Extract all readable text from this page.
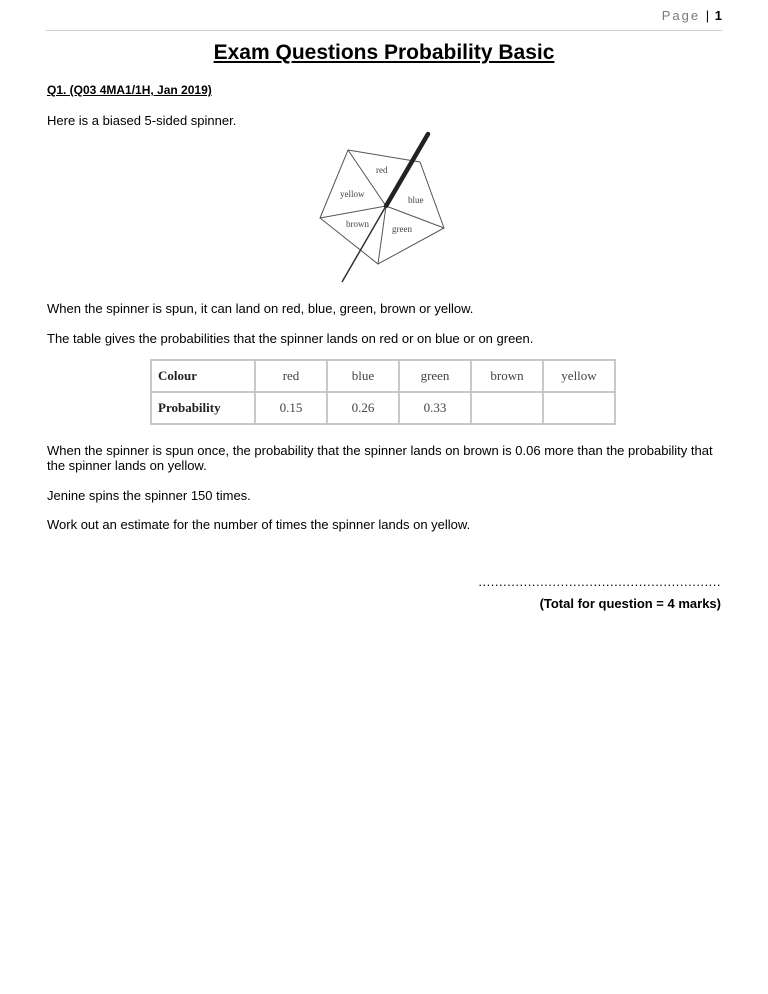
Page | 1
Exam Questions Probability Basic
Q1. (Q03 4MA1/1H, Jan 2019)
Here is a biased 5-sided spinner.
red
blue
green
brown
yellow
When the spinner is spun, it can land on red, blue, green, brown or yellow.
The table gives the probabilities that the spinner lands on red or on blue or on green.
Colour	red	blue	green	brown	yellow
Probability	0.15	0.26	0.33		
When the spinner is spun once, the probability that the spinner lands on brown is 0.06 more than the probability that the spinner lands on yellow.
Jenine spins the spinner 150 times.
Work out an estimate for the number of times the spinner lands on yellow.
...........................................................
(Total for question = 4 marks)
